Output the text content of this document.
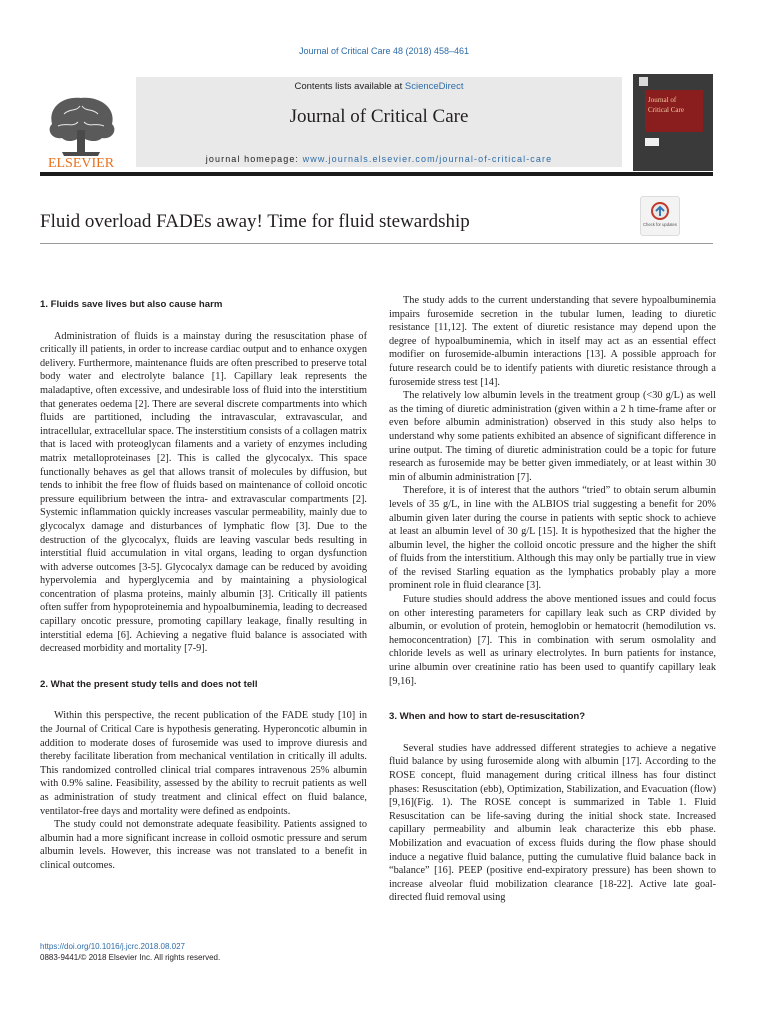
Journal of Critical Care 48 (2018) 458–461
ELSEVIER
Contents lists available at ScienceDirect
Journal of Critical Care
journal homepage: www.journals.elsevier.com/journal-of-critical-care
Journal of
Critical Care
Fluid overload FADEs away! Time for fluid stewardship	Check for updates

1. Fluids save lives but also cause harm

Administration of fluids is a mainstay during the resuscitation phase of critically ill patients, in order to increase cardiac output and to enhance oxygen delivery. Furthermore, maintenance fluids are often prescribed to preserve total body water and electrolyte balance [1]. Capillary leak represents the maladaptive, often excessive, and undesirable loss of fluid into the interstitium that generates oedema [2]. There are several discrete compartments into which fluids are partitioned, including the intravascular, extravascular, and intracellular, extracellular space. The insterstitium consists of a collagen matrix that is laced with proteoglycan filaments and a variety of enzymes including matrix metalloproteinases [2]. This is called the glycocalyx. This space functionally behaves as gel that allows transit of molecules by diffusion, but tends to inhibit the free flow of fluids based on maintenance of colloid oncotic pressure equilibrium between the intra- and extravascular compartments [2]. Systemic inflammation quickly increases vascular permeability, mainly due to glycocalyx damage and disturbances of lymphatic flow [3]. Due to the destruction of the glycocalyx, fluids are leaving vascular beds resulting in interstitial fluid accumulation in vital organs, leading to organ dysfunction with adverse outcomes [3-5]. Glycocalyx damage can be reduced by avoiding hypervolemia and hyperglycemia and by maintaining a physiological concentration of plasma proteins, mainly albumin [3]. Critically ill patients often suffer from hypoproteinemia and hypoalbuminemia, leading to decreased capillary oncotic pressure, promoting capillary leakage, finally resulting in interstitial edema [6]. Achieving a negative fluid balance is associated with decreased morbidity and mortality [7-9].

2. What the present study tells and does not tell

Within this perspective, the recent publication of the FADE study [10] in the Journal of Critical Care is hypothesis generating. Hyperoncotic albumin in addition to moderate doses of furosemide was used to improve diuresis and thereby facilitate liberation from mechanical ventilation in critically ill adults. This randomized controlled clinical trial compares intravenous 25% albumin with 0.9% saline. Feasibility, assessed by the ability to recruit patients as well as administration of study treatment and clinical effect on fluid balance, ventilator-free days and mortality were defined as endpoints.

The study could not demonstrate adequate feasibility. Patients assigned to albumin had a more significant increase in colloid osmotic pressure and serum albumin levels. However, this increase was not translated to a benefit in clinical outcomes.

The study adds to the current understanding that severe hypoalbuminemia impairs furosemide secretion in the tubular lumen, leading to diuretic resistance [11,12]. The extent of diuretic resistance may depend upon the degree of hypoalbuminemia, which in itself may act as an essential effect modifier on furosemide-albumin interactions [13]. A possible approach for future research could be to identify patients with diuretic resistance through a furosemide stress test [14].

The relatively low albumin levels in the treatment group (<30 g/L) as well as the timing of diuretic administration (given within a 2 h time-frame after or even before albumin administration) observed in this study also helps to understand why some patients exhibited an absence of significant difference in urine output. The timing of diuretic administration could be a topic for future research as furosemide may be better given immediately, or at least within 30 min of albumin administration [7].

Therefore, it is of interest that the authors “tried” to obtain serum albumin levels of 35 g/L, in line with the ALBIOS trial suggesting a benefit for 20% albumin given later during the course in patients with septic shock to achieve at least an albumin level of 30 g/L [15]. It is hypothesized that the higher the albumin level, the higher the colloid oncotic pressure and the higher the shift of fluids from the interstitium. Although this may only be partially true in view of the revised Starling equation as the lymphatics probably play a more prominent role in fluid clearance [3].

Future studies should address the above mentioned issues and could focus on other interesting parameters for capillary leak such as CRP divided by albumin, or evolution of protein, hemoglobin or hematocrit (hemodilution vs. hemoconcentration) [7]. This in combination with serum osmolality and chloride levels as well as urinary electrolytes. In burn patients for instance, urine albumin over creatinine ratio has been used to quantify capillary leak [9,16].

3. When and how to start de-resuscitation?

Several studies have addressed different strategies to achieve a negative fluid balance by using furosemide along with albumin [17]. According to the ROSE concept, fluid management during critical illness has four distinct phases: Resuscitation (ebb), Optimization, Stabilization, and Evacuation (flow) [9,16](Fig. 1). The ROSE concept is summarized in Table 1. Fluid Resuscitation can be life-saving during the initial shock state. Increased capillary permeability and albumin leak characterize this ebb phase. Mobilization and evacuation of excess fluids during the flow phase should induce a negative fluid balance, putting the cumulative fluid balance back in “balance” [16]. PEEP (positive end-expiratory pressure) has been shown to increase alveolar fluid mobilization clearance [18-22]. Active late goal-directed fluid removal using

https://doi.org/10.1016/j.jcrc.2018.08.027
0883-9441/© 2018 Elsevier Inc. All rights reserved.
